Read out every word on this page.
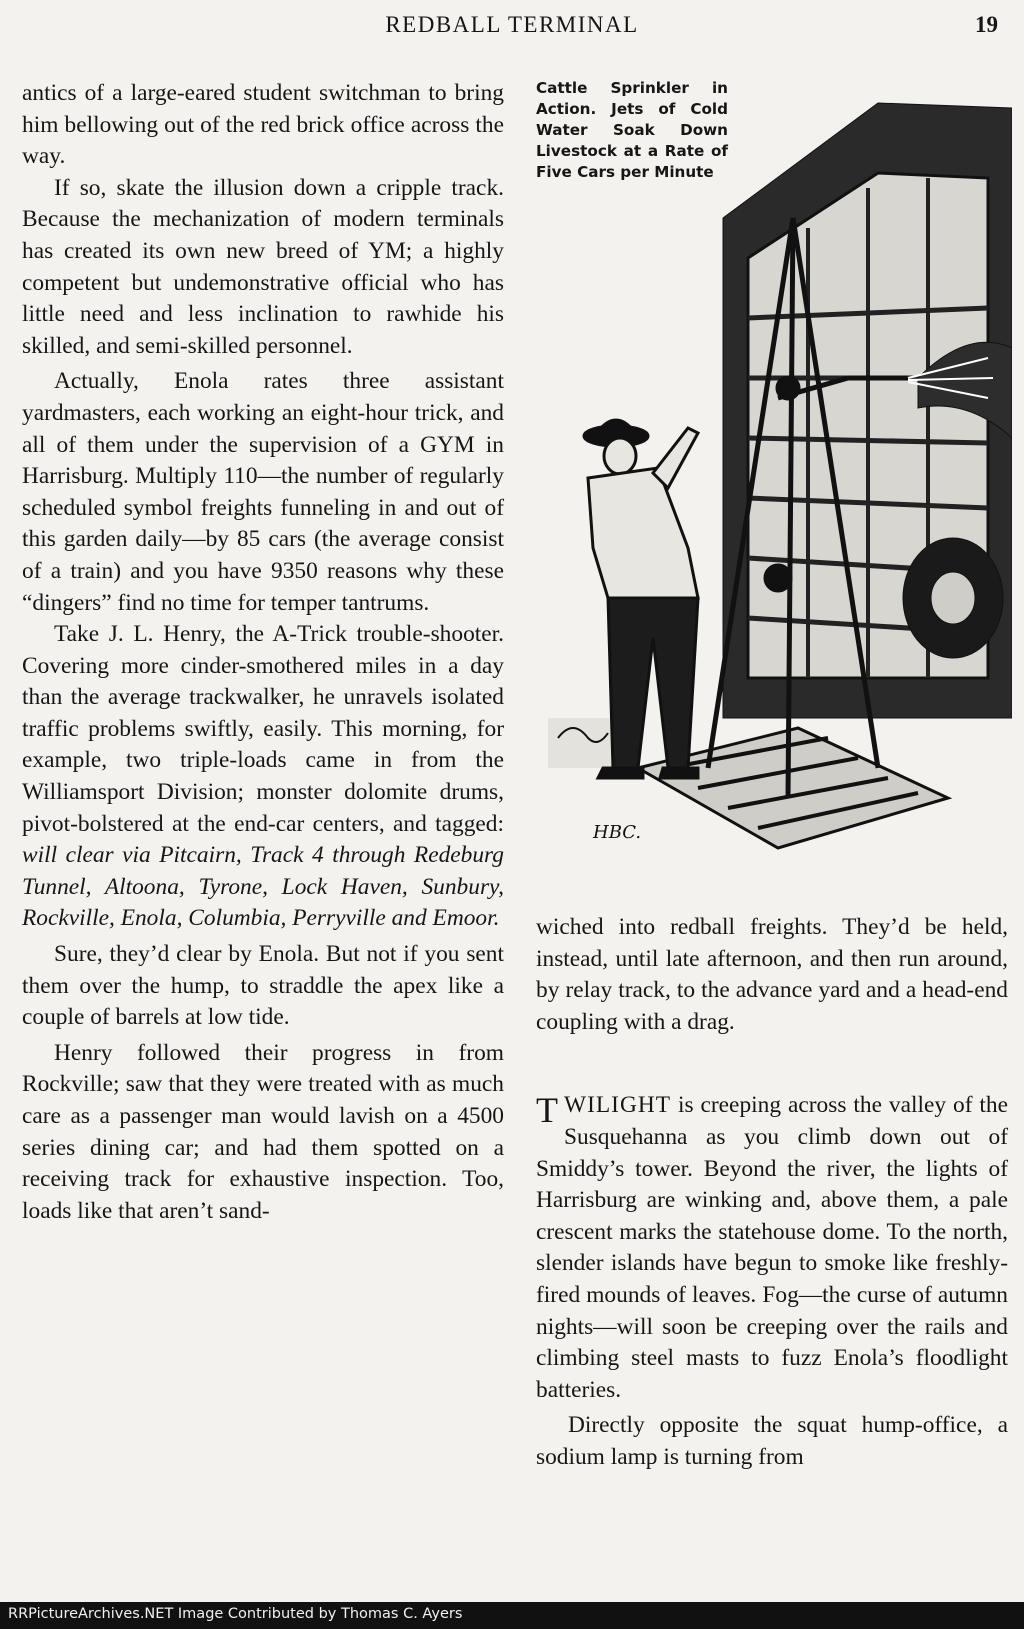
REDBALL TERMINAL	19

antics of a large-eared student switchman to bring him bellowing out of the red brick office across the way.

If so, skate the illusion down a cripple track. Because the mechanization of modern terminals has created its own new breed of YM; a highly competent but undemonstrative official who has little need and less inclination to rawhide his skilled, and semi-skilled personnel.

Actually, Enola rates three assistant yardmasters, each working an eight-hour trick, and all of them under the supervision of a GYM in Harrisburg. Multiply 110—the number of regularly scheduled symbol freights funneling in and out of this garden daily—by 85 cars (the average consist of a train) and you have 9350 reasons why these “dingers” find no time for temper tantrums.

Take J. L. Henry, the A-Trick trouble-shooter. Covering more cinder-smothered miles in a day than the average trackwalker, he unravels isolated traffic problems swiftly, easily. This morning, for example, two triple-loads came in from the Williamsport Division; monster dolomite drums, pivot-bolstered at the end-car centers, and tagged: will clear via Pitcairn, Track 4 through Redeburg Tunnel, Altoona, Tyrone, Lock Haven, Sunbury, Rockville, Enola, Columbia, Perryville and Emoor.

Sure, they’d clear by Enola. But not if you sent them over the hump, to straddle the apex like a couple of barrels at low tide.

Henry followed their progress in from Rockville; saw that they were treated with as much care as a passenger man would lavish on a 4500 series dining car; and had them spotted on a receiving track for exhaustive inspection. Too, loads like that aren’t sand-

Cattle Sprinkler in Action. Jets of Cold Water Soak Down Livestock at a Rate of Five Cars per Minute
HBC.

wiched into redball freights. They’d be held, instead, until late afternoon, and then run around, by relay track, to the advance yard and a head-end coupling with a drag.

TWILIGHT is creeping across the valley of the Susquehanna as you climb down out of Smiddy’s tower. Beyond the river, the lights of Harrisburg are winking and, above them, a pale crescent marks the statehouse dome. To the north, slender islands have begun to smoke like freshly-fired mounds of leaves. Fog—the curse of autumn nights—will soon be creeping over the rails and climbing steel masts to fuzz Enola’s floodlight batteries.

Directly opposite the squat hump-office, a sodium lamp is turning from

RRPictureArchives.NET Image Contributed by Thomas C. Ayers
